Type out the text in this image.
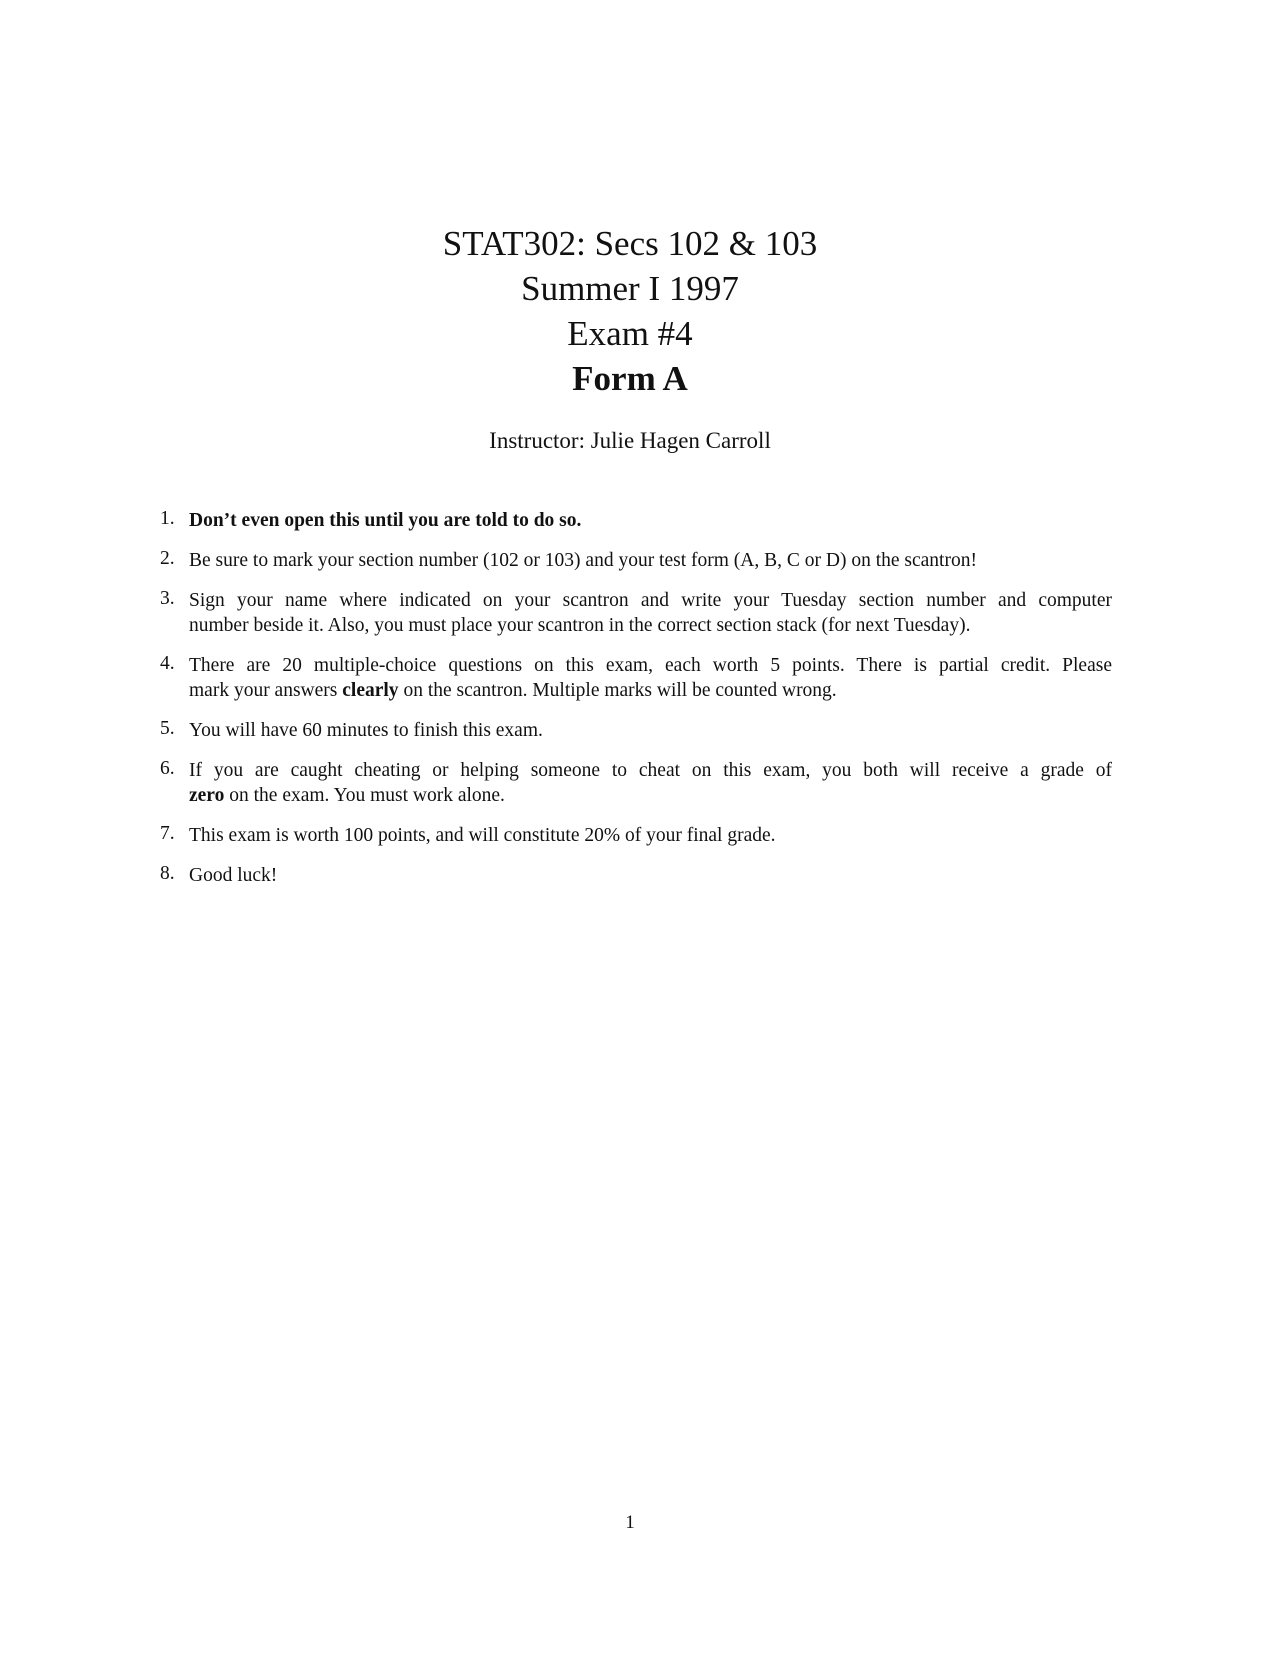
STAT302: Secs 102 & 103
Summer I 1997
Exam #4
Form A
Instructor: Julie Hagen Carroll
1. Don’t even open this until you are told to do so.
2. Be sure to mark your section number (102 or 103) and your test form (A, B, C or D) on the scantron!
3. Sign your name where indicated on your scantron and write your Tuesday section number and computer
number beside it. Also, you must place your scantron in the correct section stack (for next Tuesday).
4. There are 20 multiple-choice questions on this exam, each worth 5 points. There is partial credit. Please
mark your answers clearly on the scantron. Multiple marks will be counted wrong.
5. You will have 60 minutes to finish this exam.
6. If you are caught cheating or helping someone to cheat on this exam, you both will receive a grade of
zero on the exam. You must work alone.
7. This exam is worth 100 points, and will constitute 20% of your final grade.
8. Good luck!
1
